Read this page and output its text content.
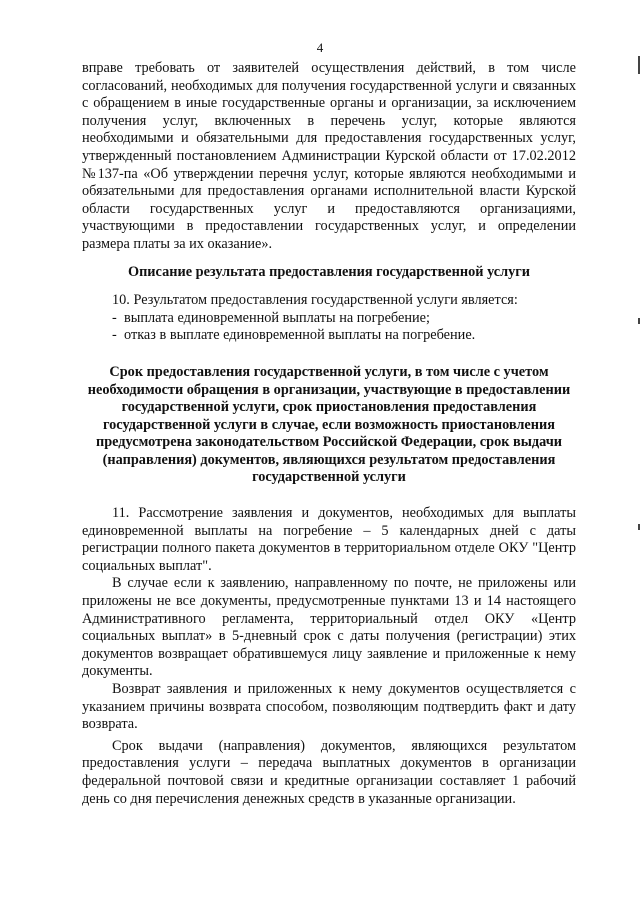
4

вправе требовать от заявителей осуществления действий, в том числе согласований, необходимых для получения государственной услуги и связанных с обращением в иные государственные органы и организации, за исключением получения услуг, включенных в перечень услуг, которые являются необходимыми и обязательными для предоставления государственных услуг, утвержденный постановлением Администрации Курской области от 17.02.2012 №137-па «Об утверждении перечня услуг, которые являются необходимыми и обязательными для предоставления органами исполнительной власти Курской области государственных услуг и предоставляются организациями, участвующими в предоставлении государственных услуг, и определении размера платы за их оказание».

Описание результата предоставления государственной услуги

10. Результатом предоставления государственной услуги является:

- выплата единовременной выплаты на погребение;

- отказ в выплате единовременной выплаты на погребение.

Срок предоставления государственной услуги, в том числе с учетом необходимости обращения в организации, участвующие в предоставлении государственной услуги, срок приостановления предоставления государственной услуги в случае, если возможность приостановления предусмотрена законодательством Российской Федерации, срок выдачи (направления) документов, являющихся результатом предоставления государственной услуги

11. Рассмотрение заявления и документов, необходимых для выплаты единовременной выплаты на погребение – 5 календарных дней с даты регистрации полного пакета документов в территориальном отделе ОКУ "Центр социальных выплат".

В случае если к заявлению, направленному по почте, не приложены или приложены не все документы, предусмотренные пунктами 13 и 14 настоящего Административного регламента, территориальный отдел ОКУ «Центр социальных выплат» в 5-дневный срок с даты получения (регистрации) этих документов возвращает обратившемуся лицу заявление и приложенные к нему документы.

Возврат заявления и приложенных к нему документов осуществляется с указанием причины возврата способом, позволяющим подтвердить факт и дату возврата.

Срок выдачи (направления) документов, являющихся результатом предоставления услуги – передача выплатных документов в организации федеральной почтовой связи и кредитные организации составляет 1 рабочий день со дня перечисления денежных средств в указанные организации.
